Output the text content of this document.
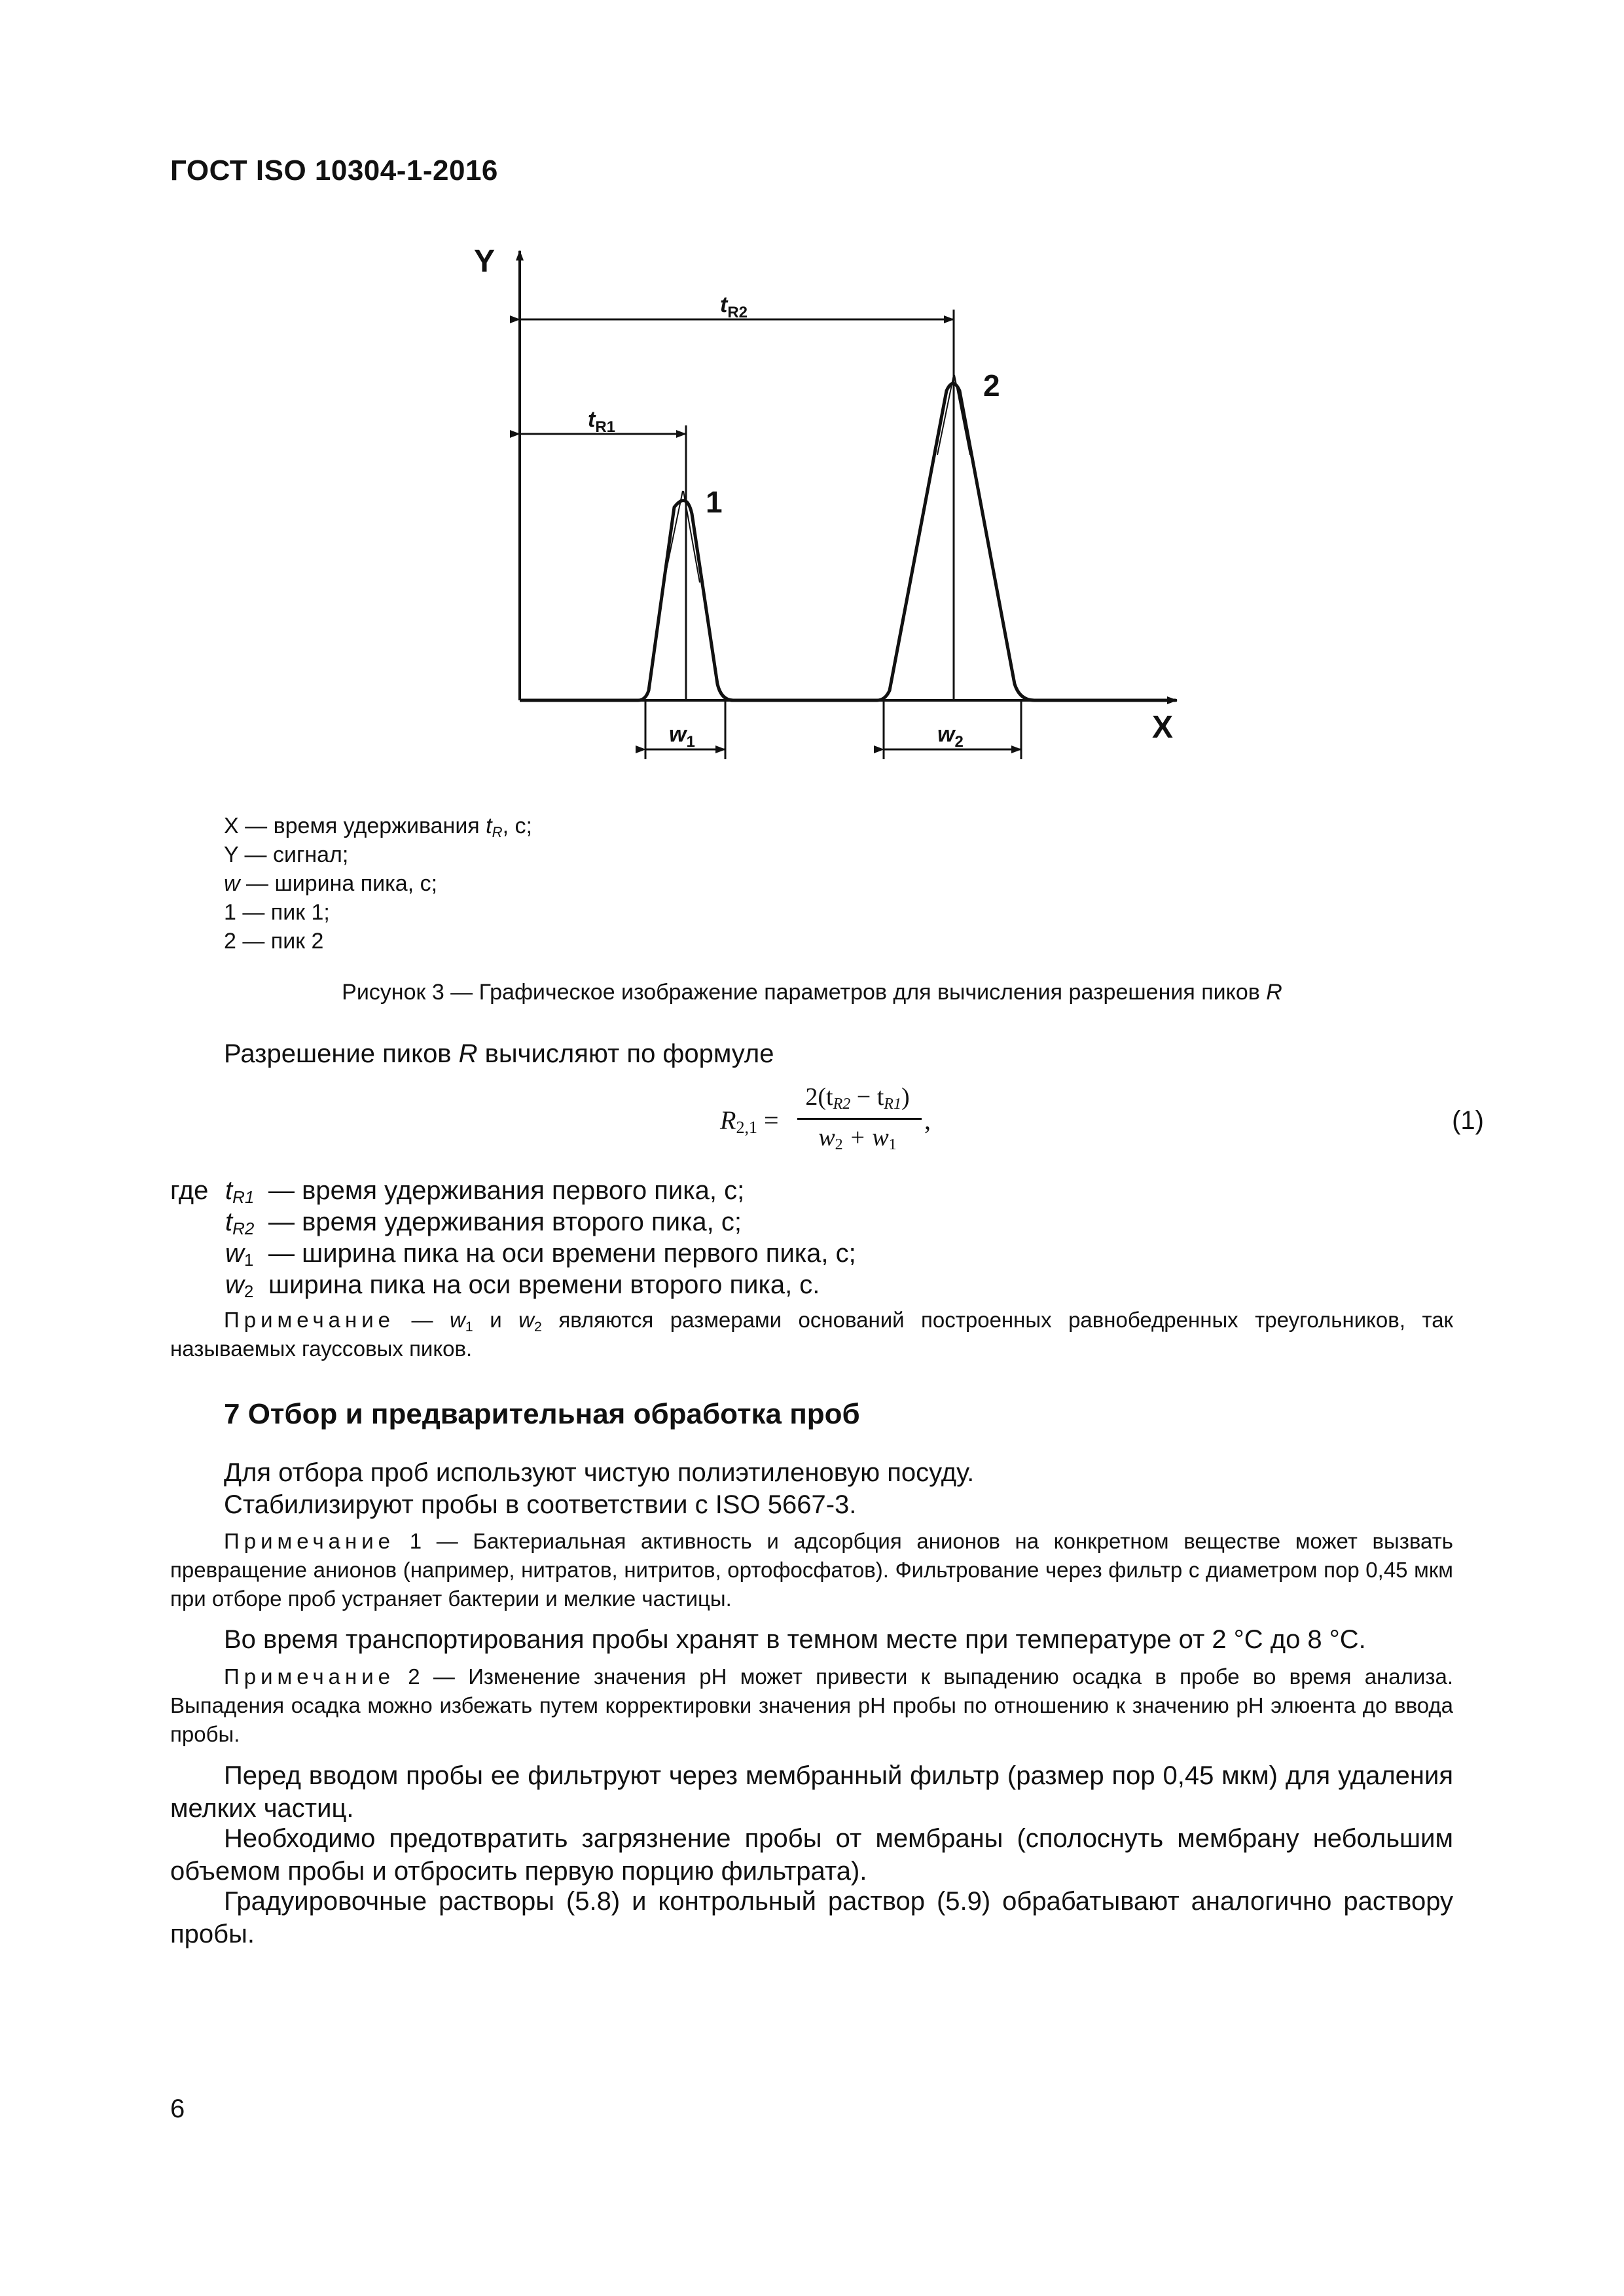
ГОСТ ISO 10304-1-2016
Y
X
$t_{R2}$
$t_{R1}$
1
2
$w_1$	$w_2$
X — время удерживания $t_R$, с;
Y — сигнал;
w — ширина пика, с;
1 — пик 1;
2 — пик 2
Рисунок 3 — Графическое изображение параметров для вычисления разрешения пиков R
Разрешение пиков R вычисляют по формуле
$R_{2,1}$ =
$2(t_{R2} - t_{R1})$
$w_2 + w_1$
,	(1)
где $t_{R1}$ — время удерживания первого пика, с;
$t_{R2}$ — время удерживания второго пика, с;
$w_1$ — ширина пика на оси времени первого пика, с;
$w_2$ ширина пика на оси времени второго пика, с.
Примечание — $w_1$ и $w_2$ являются размерами оснований построенных равнобедренных треугольников, так называемых гауссовых пиков.
7 Отбор и предварительная обработка проб
Для отбора проб используют чистую полиэтиленовую посуду.
Стабилизируют пробы в соответствии с ISO 5667-3.
Примечание 1 — Бактериальная активность и адсорбция анионов на конкретном веществе может вызвать превращение анионов (например, нитратов, нитритов, ортофосфатов). Фильтрование через фильтр с диаметром пор 0,45 мкм при отборе проб устраняет бактерии и мелкие частицы.
Во время транспортирования пробы хранят в темном месте при температуре от 2 °С до 8 °С.
Примечание 2 — Изменение значения pH может привести к выпадению осадка в пробе во время анализа. Выпадения осадка можно избежать путем корректировки значения pH пробы по отношению к значению pH элюента до ввода пробы.
Перед вводом пробы ее фильтруют через мембранный фильтр (размер пор 0,45 мкм) для удаления мелких частиц.
Необходимо предотвратить загрязнение пробы от мембраны (сполоснуть мембрану небольшим объемом пробы и отбросить первую порцию фильтрата).
Градуировочные растворы (5.8) и контрольный раствор (5.9) обрабатывают аналогично раствору пробы.
6
